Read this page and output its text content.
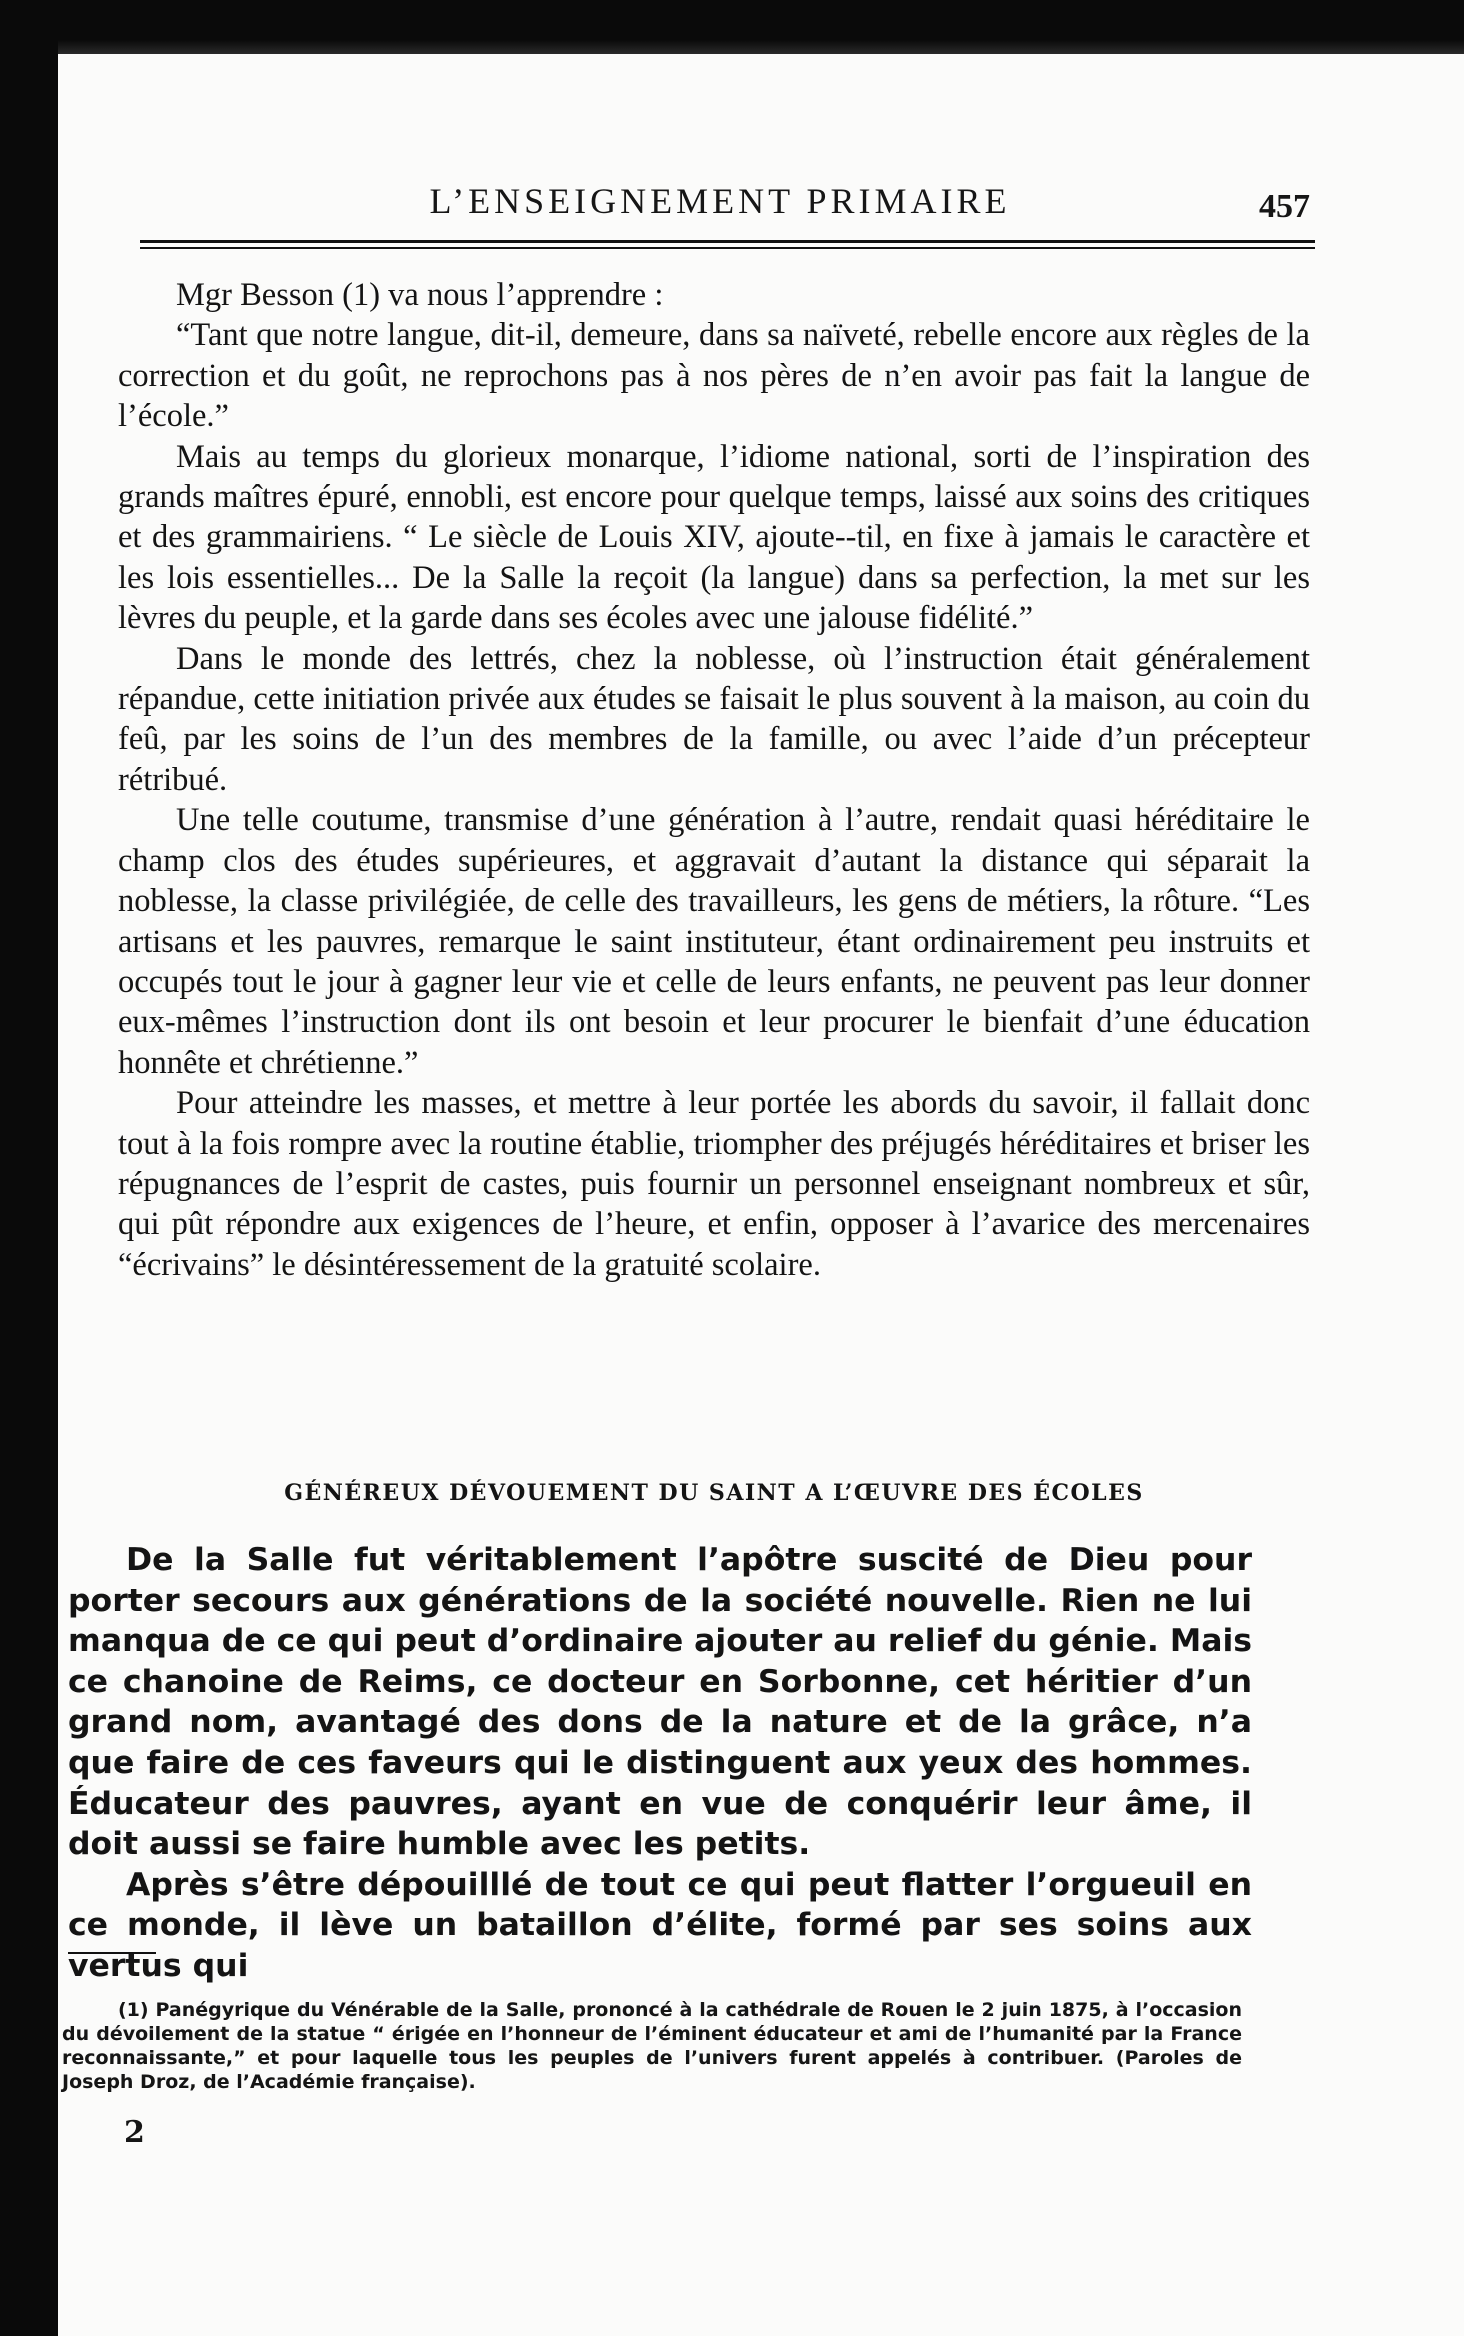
L’ENSEIGNEMENT PRIMAIRE	457

Mgr Besson (1) va nous l’apprendre :

“Tant que notre langue, dit-il, demeure, dans sa naïveté, rebelle encore aux règles de la correction et du goût, ne reprochons pas à nos pères de n’en avoir pas fait la langue de l’école.”

Mais au temps du glorieux monarque, l’idiome national, sorti de l’inspiration des grands maîtres épuré, ennobli, est encore pour quelque temps, laissé aux soins des critiques et des grammairiens. “ Le siècle de Louis XIV, ajoute--til, en fixe à jamais le caractère et les lois essentielles... De la Salle la reçoit (la langue) dans sa perfection, la met sur les lèvres du peuple, et la garde dans ses écoles avec une jalouse fidélité.”

Dans le monde des lettrés, chez la noblesse, où l’instruction était généralement répandue, cette initiation privée aux études se faisait le plus souvent à la maison, au coin du feû, par les soins de l’un des membres de la famille, ou avec l’aide d’un précepteur rétribué.

Une telle coutume, transmise d’une génération à l’autre, rendait quasi héréditaire le champ clos des études supérieures, et aggravait d’autant la distance qui séparait la noblesse, la classe privilégiée, de celle des travailleurs, les gens de métiers, la rôture. “Les artisans et les pauvres, remarque le saint instituteur, étant ordinairement peu instruits et occupés tout le jour à gagner leur vie et celle de leurs enfants, ne peuvent pas leur donner eux-mêmes l’instruction dont ils ont besoin et leur procurer le bienfait d’une éducation honnête et chrétienne.”

Pour atteindre les masses, et mettre à leur portée les abords du savoir, il fallait donc tout à la fois rompre avec la routine établie, triompher des préjugés héréditaires et briser les répugnances de l’esprit de castes, puis fournir un personnel enseignant nombreux et sûr, qui pût répondre aux exigences de l’heure, et enfin, opposer à l’avarice des mercenaires “écrivains” le désintéressement de la gratuité scolaire.

GÉNÉREUX DÉVOUEMENT DU SAINT A L’ŒUVRE DES ÉCOLES

De la Salle fut véritablement l’apôtre suscité de Dieu pour porter secours aux générations de la société nouvelle. Rien ne lui manqua de ce qui peut d’ordinaire ajouter au relief du génie. Mais ce chanoine de Reims, ce docteur en Sorbonne, cet héritier d’un grand nom, avantagé des dons de la nature et de la grâce, n’a que faire de ces faveurs qui le distinguent aux yeux des hommes. Éducateur des pauvres, ayant en vue de conquérir leur âme, il doit aussi se faire humble avec les petits.

Après s’être dépouilllé de tout ce qui peut flatter l’orgueuil en ce monde, il lève un bataillon d’élite, formé par ses soins aux vertus qui

(1) Panégyrique du Vénérable de la Salle, prononcé à la cathédrale de Rouen le 2 juin 1875, à l’occasion du dévoilement de la statue “ érigée en l’honneur de l’éminent éducateur et ami de l’humanité par la France reconnaissante,” et pour laquelle tous les peuples de l’univers furent appelés à contribuer. (Paroles de Joseph Droz, de l’Académie française).

2
